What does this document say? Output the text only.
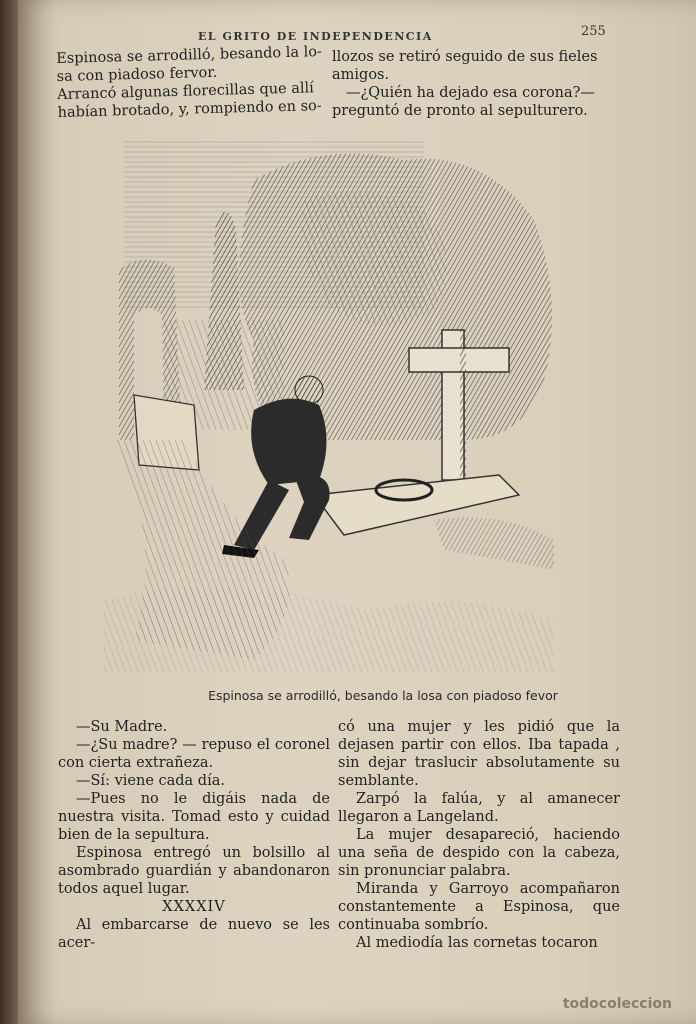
EL GRITO DE INDEPENDENCIA	255

Espinosa se arrodilló, besando la lo-

sa con piadoso fervor.

Arrancó algunas florecillas que allí

habían brotado, y, rompiendo en so-

llozos se retiró seguido de sus fieles

amigos.

—¿Quién ha dejado esa corona?—

preguntó de pronto al sepulturero.

Espinosa se arrodilló, besando la losa con piadoso fevor

—Su Madre.

—¿Su madre? — repuso el coronel con cierta extrañeza.

—Sí: viene cada día.

—Pues no le digáis nada de nuestra visita. Tomad esto y cuidad bien de la sepultura.

Espinosa entregó un bolsillo al asombrado guardián y abandonaron todos aquel lugar.

XXXXIV

Al embarcarse de nuevo se les acer-

có una mujer y les pidió que la dejasen partir con ellos. Iba tapada , sin dejar traslucir absolutamente su semblante.

Zarpó la falúa, y al amanecer llegaron a Langeland.

La mujer desapareció, haciendo una seña de despido con la cabeza, sin pronunciar palabra.

Miranda y Garroyo acompañaron constantemente a Espinosa, que continuaba sombrío.

Al mediodía las cornetas tocaron

todocoleccion
